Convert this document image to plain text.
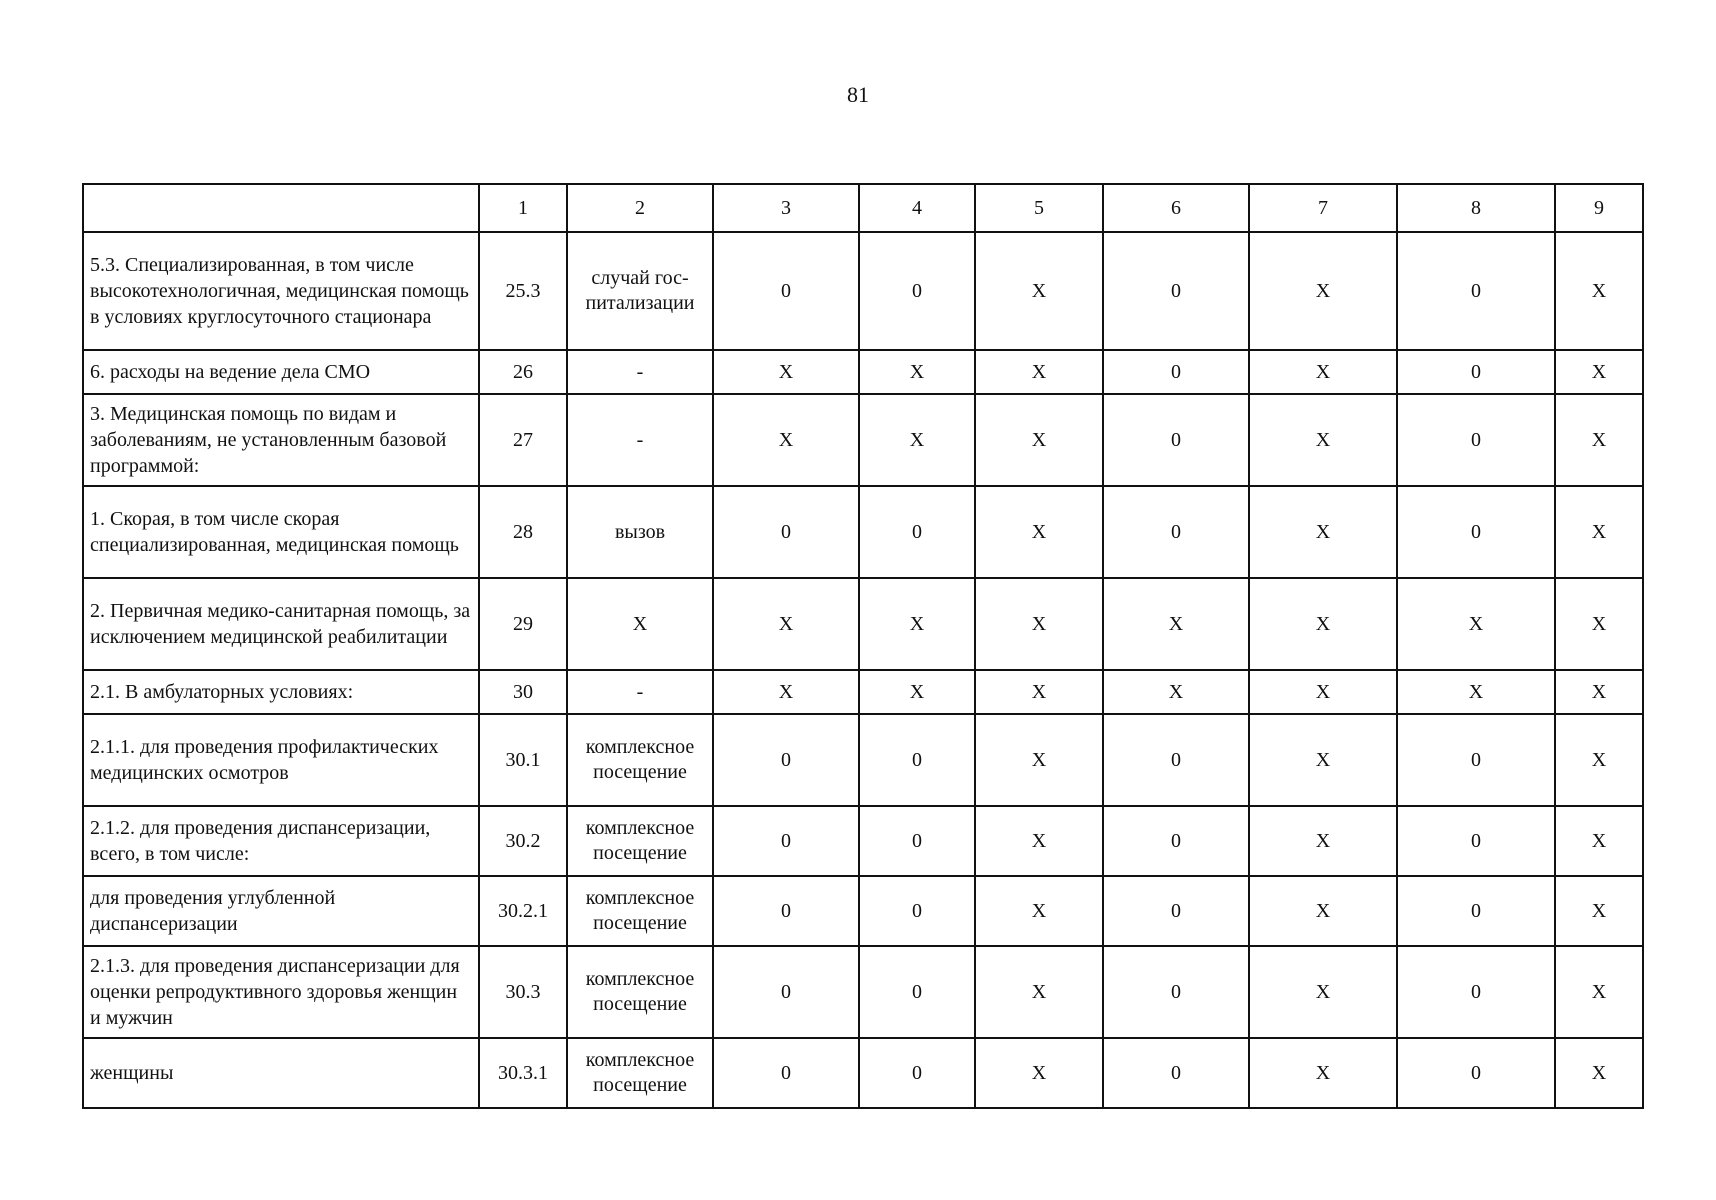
81
	1	2	3	4	5	6	7	8	9
5.3. Специализированная, в том числе высокотехнологичная, медицинская помощь в условиях круглосуточного стационара	25.3	случай гос-питализации	0	0	Х	0	Х	0	Х
6. расходы на ведение дела СМО	26	-	Х	Х	Х	0	Х	0	Х
3. Медицинская помощь по видам и заболеваниям, не установленным базовой программой:	27	-	Х	Х	Х	0	Х	0	Х
1. Скорая, в том числе скорая специализированная, медицинская помощь	28	вызов	0	0	Х	0	Х	0	Х
2. Первичная медико-санитарная помощь, за исключением медицинской реабилитации	29	Х	Х	Х	Х	Х	Х	Х	Х
2.1. В амбулаторных условиях:	30	-	Х	Х	Х	Х	Х	Х	Х
2.1.1. для проведения профилактических медицинских осмотров	30.1	комплексное посещение	0	0	Х	0	Х	0	Х
2.1.2. для проведения диспансеризации, всего, в том числе:	30.2	комплексное посещение	0	0	Х	0	Х	0	Х
для проведения углубленной диспансеризации	30.2.1	комплексное посещение	0	0	Х	0	Х	0	Х
2.1.3. для проведения диспансеризации для оценки репродуктивного здоровья женщин и мужчин	30.3	комплексное посещение	0	0	Х	0	Х	0	Х
женщины	30.3.1	комплексное посещение	0	0	Х	0	Х	0	Х
